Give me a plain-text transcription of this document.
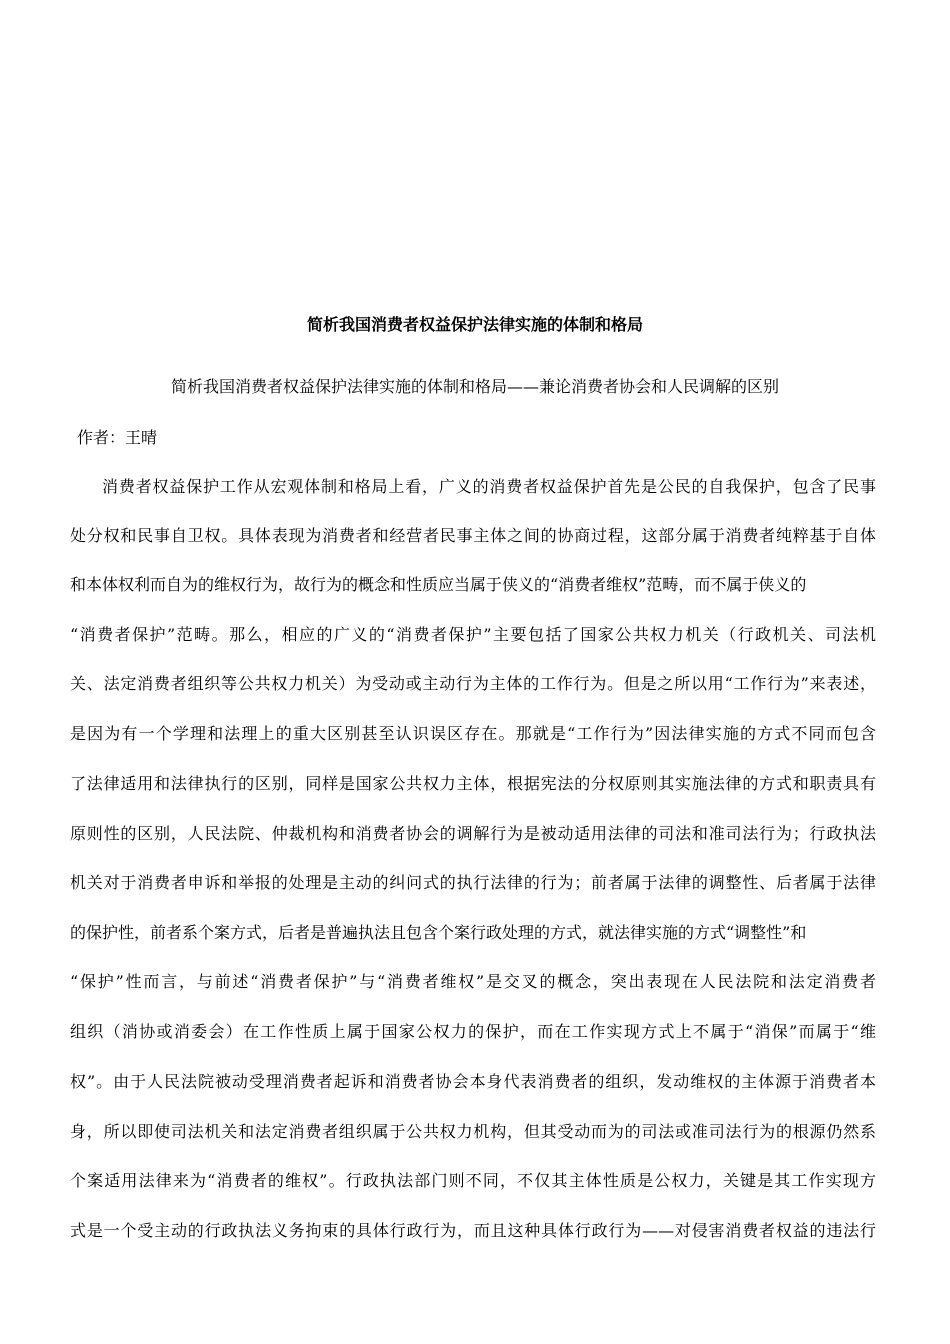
简析我国消费者权益保护法律实施的体制和格局

简析我国消费者权益保护法律实施的体制和格局——兼论消费者协会和人民调解的区别

作者：王晴

消费者权益保护工作从宏观体制和格局上看，广义的消费者权益保护首先是公民的自我保护，包含了民事
处分权和民事自卫权。具体表现为消费者和经营者民事主体之间的协商过程，这部分属于消费者纯粹基于自体
和本体权利而自为的维权行为，故行为的概念和性质应当属于侠义的“消费者维权”范畴，而不属于侠义的
“消费者保护”范畴。那么，相应的广义的“消费者保护”主要包括了国家公共权力机关（行政机关、司法机
关、法定消费者组织等公共权力机关）为受动或主动行为主体的工作行为。但是之所以用“工作行为”来表述，
是因为有一个学理和法理上的重大区别甚至认识误区存在。那就是“工作行为”因法律实施的方式不同而包含
了法律适用和法律执行的区别，同样是国家公共权力主体，根据宪法的分权原则其实施法律的方式和职责具有
原则性的区别，人民法院、仲裁机构和消费者协会的调解行为是被动适用法律的司法和准司法行为；行政执法
机关对于消费者申诉和举报的处理是主动的纠问式的执行法律的行为；前者属于法律的调整性、后者属于法律
的保护性，前者系个案方式，后者是普遍执法且包含个案行政处理的方式，就法律实施的方式“调整性”和
“保护”性而言，与前述“消费者保护”与“消费者维权”是交叉的概念，突出表现在人民法院和法定消费者
组织（消协或消委会）在工作性质上属于国家公权力的保护，而在工作实现方式上不属于“消保”而属于“维
权”。由于人民法院被动受理消费者起诉和消费者协会本身代表消费者的组织，发动维权的主体源于消费者本
身，所以即使司法机关和法定消费者组织属于公共权力机构，但其受动而为的司法或准司法行为的根源仍然系
个案适用法律来为“消费者的维权”。行政执法部门则不同，不仅其主体性质是公权力，关键是其工作实现方
式是一个受主动的行政执法义务拘束的具体行政行为，而且这种具体行政行为——对侵害消费者权益的违法行
